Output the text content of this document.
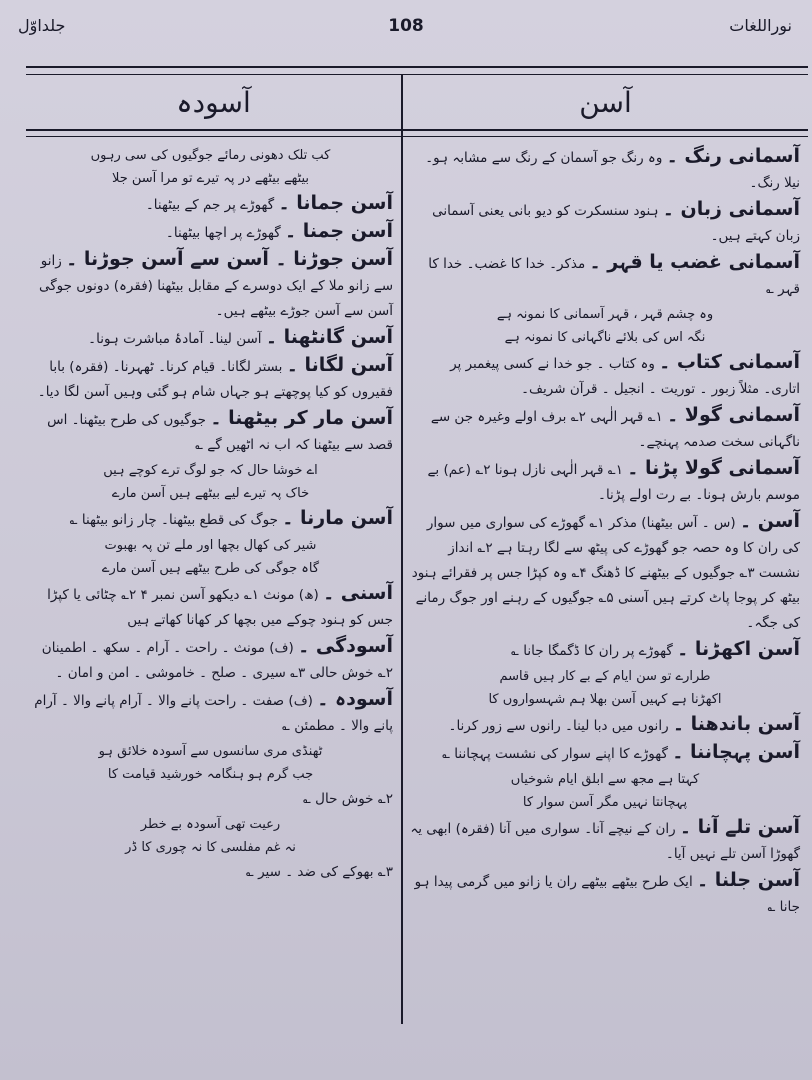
نوراللغات
108
جلداوّل
آسن
آسودہ
آسمانی رنگ ۔ وہ رنگ جو آسمان کے رنگ سے مشابہ ہو۔ نیلا رنگ۔
آسمانی زبان ۔ ہنود سنسکرت کو دیو بانی یعنی آسمانی زبان کہتے ہیں۔
آسمانی غضب یا قہر ۔ مذکر۔ خدا کا غضب۔ خدا کا قہر ؎
وہ چشم قہر ، قہر آسمانی کا نمونہ ہے
نگہ اس کی بلائے ناگہانی کا نمونہ ہے
آسمانی کتاب ۔ وہ کتاب ۔ جو خدا نے کسی پیغمبر پر اتاری۔ مثلاً زبور ۔ توریت ۔ انجیل ۔ قرآن شریف۔
آسمانی گولا ۔ ۱؎ قہر الٰہی ۲؎ برف اولے وغیرہ جن سے ناگہانی سخت صدمہ پہنچے۔
آسمانی گولا پڑنا ۔ ۱؎ قہر الٰہی نازل ہونا ۲؎ (عم) بے موسم بارش ہونا۔ بے رت اولے پڑنا۔
آسن ۔ (س ۔ آس بیٹھنا) مذکر ۱؎ گھوڑے کی سواری میں سوار کی ران کا وہ حصہ جو گھوڑے کی پیٹھ سے لگا رہتا ہے ۲؎ انداز نشست ۳؎ جوگیوں کے بیٹھنے کا ڈھنگ ۴؎ وہ کپڑا جس پر فقرائے ہنود بیٹھ کر پوجا پاٹ کرتے ہیں آسنی ۵؎ جوگیوں کے رہنے اور جوگ رمانے کی جگہ۔
آسن اکھڑنا ۔ گھوڑے پر ران کا ڈگمگا جانا ؎
طرارے تو سن ایام کے بے کار ہیں قاسم
اکھڑنا ہے کہیں آسن بھلا ہم شہسواروں کا
آسن باندھنا ۔ رانوں میں دبا لینا۔ رانوں سے زور کرنا۔
آسن پہچاننا ۔ گھوڑے کا اپنے سوار کی نشست پہچاننا ؎
کہتا ہے مجھ سے ابلق ایام شوخیاں
پہچانتا نہیں مگر آسن سوار کا
آسن تلے آنا ۔ ران کے نیچے آنا۔ سواری میں آنا (فقرہ) ابھی یہ گھوڑا آسن تلے نہیں آیا۔
آسن جلنا ۔ ایک طرح بیٹھے بیٹھے ران یا زانو میں گرمی پیدا ہو جانا ؎
کب تلک دھونی رمائے جوگیوں کی سی رہوں
بیٹھے بیٹھے در پہ تیرے تو مرا آسن جلا
آسن جمانا ۔ گھوڑے پر جم کے بیٹھنا۔
آسن جمنا ۔ گھوڑے پر اچھا بیٹھنا۔
آسن جوڑنا ۔ آسن سے آسن جوڑنا ۔ زانو سے زانو ملا کے ایک دوسرے کے مقابل بیٹھنا (فقرہ) دونوں جوگی آسن سے آسن جوڑے بیٹھے ہیں۔
آسن گانٹھنا ۔ آسن لینا۔ آمادۂ مباشرت ہونا۔
آسن لگانا ۔ بستر لگانا۔ قیام کرنا۔ ٹھہرنا۔ (فقرہ) بابا فقیروں کو کیا پوچھتے ہو جہاں شام ہو گئی وہیں آسن لگا دیا۔
آسن مار کر بیٹھنا ۔ جوگیوں کی طرح بیٹھنا۔ اس قصد سے بیٹھنا کہ اب نہ اٹھیں گے ؎
اے خوشا حال کہ جو لوگ ترے کوچے ہیں
خاک پہ تیرے لیے بیٹھے ہیں آسن مارے
آسن مارنا ۔ جوگ کی قطع بیٹھنا۔ چار زانو بیٹھنا ؎
شیر کی کھال بچھا اور ملے تن پہ بھبوت
گاہ جوگی کی طرح بیٹھے ہیں آسن مارے
آسنی ۔ (ھ) مونث ۱؎ دیکھو آسن نمبر ۴ ۲؎ چٹائی یا کپڑا جس کو ہنود چوکے میں بچھا کر کھانا کھاتے ہیں
آسودگی ۔ (ف) مونث ۔ راحت ۔ آرام ۔ سکھ ۔ اطمینان ۲؎ خوش حالی ۳؎ سیری ۔ صلح ۔ خاموشی ۔ امن و امان ۔
آسودہ ۔ (ف) صفت ۔ راحت پانے والا ۔ آرام پانے والا ۔ آرام پانے والا ۔ مطمئن ؎
ٹھنڈی مری سانسوں سے آسودہ خلائق ہو
جب گرم ہو ہنگامہ خورشید قیامت کا
۲؎ خوش حال ؎
رعیت تھی آسودہ بے خطر
نہ غم مفلسی کا نہ چوری کا ڈر
۳؎ بھوکے کی ضد ۔ سیر ؎
